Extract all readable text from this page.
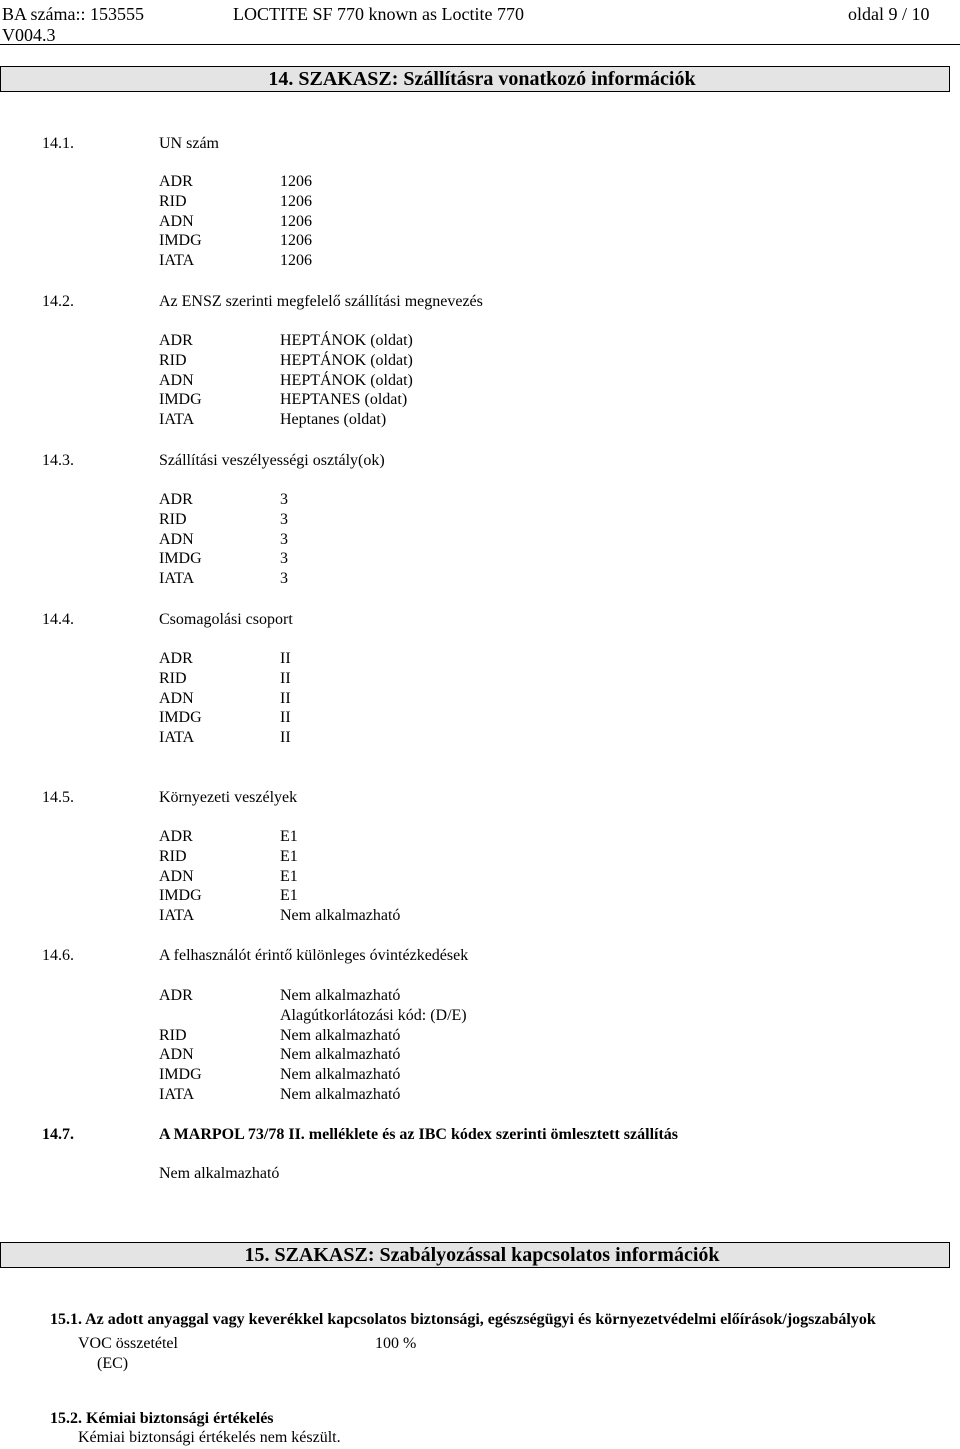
BA száma:: 153555
V004.3
LOCTITE SF 770 known as Loctite 770	oldal 9 / 10
14. SZAKASZ: Szállításra vonatkozó információk
14.1.	UN szám
14.2.	Az ENSZ szerinti megfelelő szállítási megnevezés
14.3.	Szállítási veszélyességi osztály(ok)
14.4.	Csomagolási csoport
14.5.	Környezeti veszélyek
14.6.	A felhasználót érintő különleges óvintézkedések
14.7.	A MARPOL 73/78 II. melléklete és az IBC kódex szerinti ömlesztett szállítás
Nem alkalmazható
15. SZAKASZ: Szabályozással kapcsolatos információk
15.1. Az adott anyaggal vagy keverékkel kapcsolatos biztonsági, egészségügyi és környezetvédelmi előírások/jogszabályok
VOC összetétel	100 %
(EC)
15.2. Kémiai biztonsági értékelés
Kémiai biztonsági értékelés nem készült.
ADR	1206
RID	1206
ADN	1206
IMDG	1206
IATA	1206
ADR	HEPTÁNOK (oldat)
RID	HEPTÁNOK (oldat)
ADN	HEPTÁNOK (oldat)
IMDG	HEPTANES (oldat)
IATA	Heptanes (oldat)
ADR	3
RID	3
ADN	3
IMDG	3
IATA	3
ADR	II
RID	II
ADN	II
IMDG	II
IATA	II
ADR	E1
RID	E1
ADN	E1
IMDG	E1
IATA	Nem alkalmazható
ADR	Nem alkalmazható
Alagútkorlátozási kód: (D/E)
RID	Nem alkalmazható
ADN	Nem alkalmazható
IMDG	Nem alkalmazható
IATA	Nem alkalmazható
